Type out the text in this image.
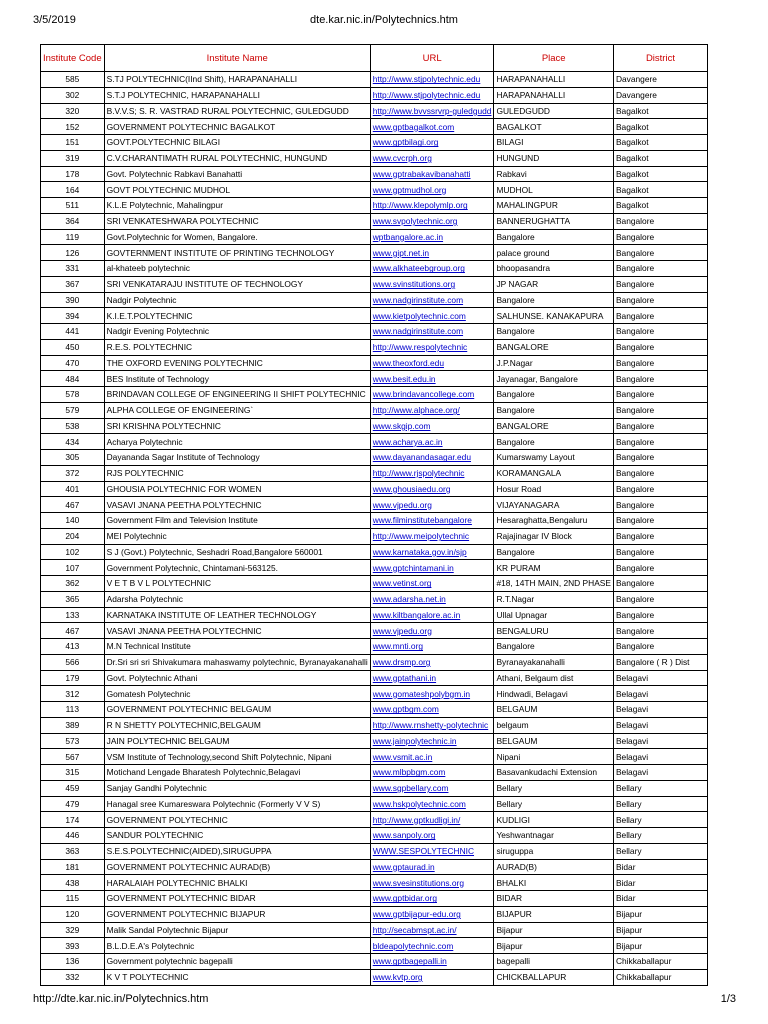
3/5/2019	dte.kar.nic.in/Polytechnics.htm
Institute Code	Institute Name	URL	Place	District
585	S.TJ POLYTECHNIC(IInd Shift), HARAPANAHALLI	http://www.stjpolytechnic.edu	HARAPANAHALLI	Davangere
302	S.T.J POLYTECHNIC, HARAPANAHALLI	http://www.stjpolytechnic.edu	HARAPANAHALLI	Davangere
320	B.V.V.S; S. R. VASTRAD RURAL POLYTECHNIC, GULEDGUDD	http://www.bvvssrvrp-guledgudd	GULEDGUDD	Bagalkot
152	GOVERNMENT POLYTECHNIC BAGALKOT	www.gptbagalkot.com	BAGALKOT	Bagalkot
151	GOVT.POLYTECHNIC BILAGI	www.gptbilagi.org	BILAGI	Bagalkot
319	C.V.CHARANTIMATH RURAL POLYTECHNIC, HUNGUND	www.cvcrph.org	HUNGUND	Bagalkot
178	Govt. Polytechnic Rabkavi Banahatti	www.gptrabakavibanahatti	Rabkavi	Bagalkot
164	GOVT POLYTECHNIC MUDHOL	www.gptmudhol.org	MUDHOL	Bagalkot
511	K.L.E Polytechnic, Mahalingpur	http://www.klepolymlp.org	MAHALINGPUR	Bagalkot
364	SRI VENKATESHWARA POLYTECHNIC	www.svpolytechnic.org	BANNERUGHATTA	Bangalore
119	Govt.Polytechnic for Women, Bangalore.	wptbangalore.ac.in	Bangalore	Bangalore
126	GOVTERNMENT INSTITUTE OF PRINTING TECHNOLOGY	www.gipt.net.in	palace ground	Bangalore
331	al-khateeb polytechnic	www.alkhateebgroup.org	bhoopasandra	Bangalore
367	SRI VENKATARAJU INSTITUTE OF TECHNOLOGY	www.svinstitutions.org	JP NAGAR	Bangalore
390	Nadgir Polytechnic	www.nadgirinstitute.com	Bangalore	Bangalore
394	K.I.E.T.POLYTECHNIC	www.kietpolytechnic.com	SALHUNSE. KANAKAPURA	Bangalore
441	Nadgir Evening Polytechnic	www.nadgirinstitute.com	Bangalore	Bangalore
450	R.E.S. POLYTECHNIC	http://www.respolytechnic	BANGALORE	Bangalore
470	THE OXFORD EVENING POLYTECHNIC	www.theoxford.edu	J.P.Nagar	Bangalore
484	BES Institute of Technology	www.besit.edu.in	Jayanagar, Bangalore	Bangalore
578	BRINDAVAN COLLEGE OF ENGINEERING II SHIFT POLYTECHNIC	www.brindavancollege.com	Bangalore	Bangalore
579	ALPHA COLLEGE OF ENGINEERING`	http://www.alphace.org/	Bangalore	Bangalore
538	SRI KRISHNA POLYTECHNIC	www.skgip.com	BANGALORE	Bangalore
434	Acharya Polytechnic	www.acharya.ac.in	Bangalore	Bangalore
305	Dayananda Sagar Institute of Technology	www.dayanandasagar.edu	Kumarswamy Layout	Bangalore
372	RJS POLYTECHNIC	http://www.rjspolytechnic	KORAMANGALA	Bangalore
401	GHOUSIA POLYTECHNIC FOR WOMEN	www.ghousiaedu.org	Hosur Road	Bangalore
467	VASAVI JNANA PEETHA POLYTECHNIC	www.vjpedu.org	VIJAYANAGARA	Bangalore
140	Government Film and Television Institute	www.filminstitutebangalore	Hesaraghatta,Bengaluru	Bangalore
204	MEI Polytechnic	http://www.meipolytechnic	Rajajinagar IV Block	Bangalore
102	S J (Govt.) Polytechnic, Seshadri Road,Bangalore 560001	www.karnataka.gov.in/sjp	Bangalore	Bangalore
107	Government Polytechnic, Chintamani-563125.	www.gptchintamani.in	KR PURAM	Bangalore
362	V E T B V L POLYTECHNIC	www.vetinst.org	#18, 14TH MAIN, 2ND PHASE	Bangalore
365	Adarsha Polytechnic	www.adarsha.net.in	R.T.Nagar	Bangalore
133	KARNATAKA INSTITUTE OF LEATHER TECHNOLOGY	www.kiltbangalore.ac.in	Ullal Upnagar	Bangalore
467	VASAVI JNANA PEETHA POLYTECHNIC	www.vjpedu.org	BENGALURU	Bangalore
413	M.N Technical Institute	www.mnti.org	Bangalore	Bangalore
566	Dr.Sri sri sri Shivakumara mahaswamy polytechnic, Byranayakanahalli	www.drsmp.org	Byranayakanahalli	Bangalore ( R ) Dist
179	Govt. Polytechnic Athani	www.gptathani.in	Athani, Belgaum dist	Belagavi
312	Gomatesh Polytechnic	www.gomateshpolybgm.in	Hindwadi, Belagavi	Belagavi
113	GOVERNMENT POLYTECHNIC BELGAUM	www.gptbgm.com	BELGAUM	Belagavi
389	R N SHETTY POLYTECHNIC,BELGAUM	http://www.rnshetty-polytechnic	belgaum	Belagavi
573	JAIN POLYTECHNIC BELGAUM	www.jainpolytechnic.in	BELGAUM	Belagavi
567	VSM Institute of Technology,second Shift Polytechnic, Nipani	www.vsmit.ac.in	Nipani	Belagavi
315	Motichand Lengade Bharatesh Polytechnic,Belagavi	www.mlbpbgm.com	Basavankudachi Extension	Belagavi
459	Sanjay Gandhi Polytechnic	www.sgpbellary.com	Bellary	Bellary
479	Hanagal sree Kumareswara Polytechnic (Formerly V V S)	www.hskpolytechnic.com	Bellary	Bellary
174	GOVERNMENT POLYTECHNIC	http://www.gptkudligi.in/	KUDLIGI	Bellary
446	SANDUR POLYTECHNIC	www.sanpoly.org	Yeshwantnagar	Bellary
363	S.E.S.POLYTECHNIC(AIDED),SIRUGUPPA	WWW.SESPOLYTECHNIC	siruguppa	Bellary
181	GOVERNMENT POLYTECHNIC AURAD(B)	www.gptaurad.in	AURAD(B)	Bidar
438	HARALAIAH POLYTECHNIC BHALKI	www.svesinstitutions.org	BHALKI	Bidar
115	GOVERNMENT POLYTECHNIC BIDAR	www.gptbidar.org	BIDAR	Bidar
120	GOVERNMENT POLYTECHNIC BIJAPUR	www.gptbijapur-edu.org	BIJAPUR	Bijapur
329	Malik Sandal Polytechnic Bijapur	http://secabmspt.ac.in/	Bijapur	Bijapur
393	B.L.D.E.A's Polytechnic	bldeapolytechnic.com	Bijapur	Bijapur
136	Government polytechnic bagepalli	www.gptbagepalli.in	bagepalli	Chikkaballapur
332	K V T POLYTECHNIC	www.kvtp.org	CHICKBALLAPUR	Chikkaballapur
http://dte.kar.nic.in/Polytechnics.htm	1/3
